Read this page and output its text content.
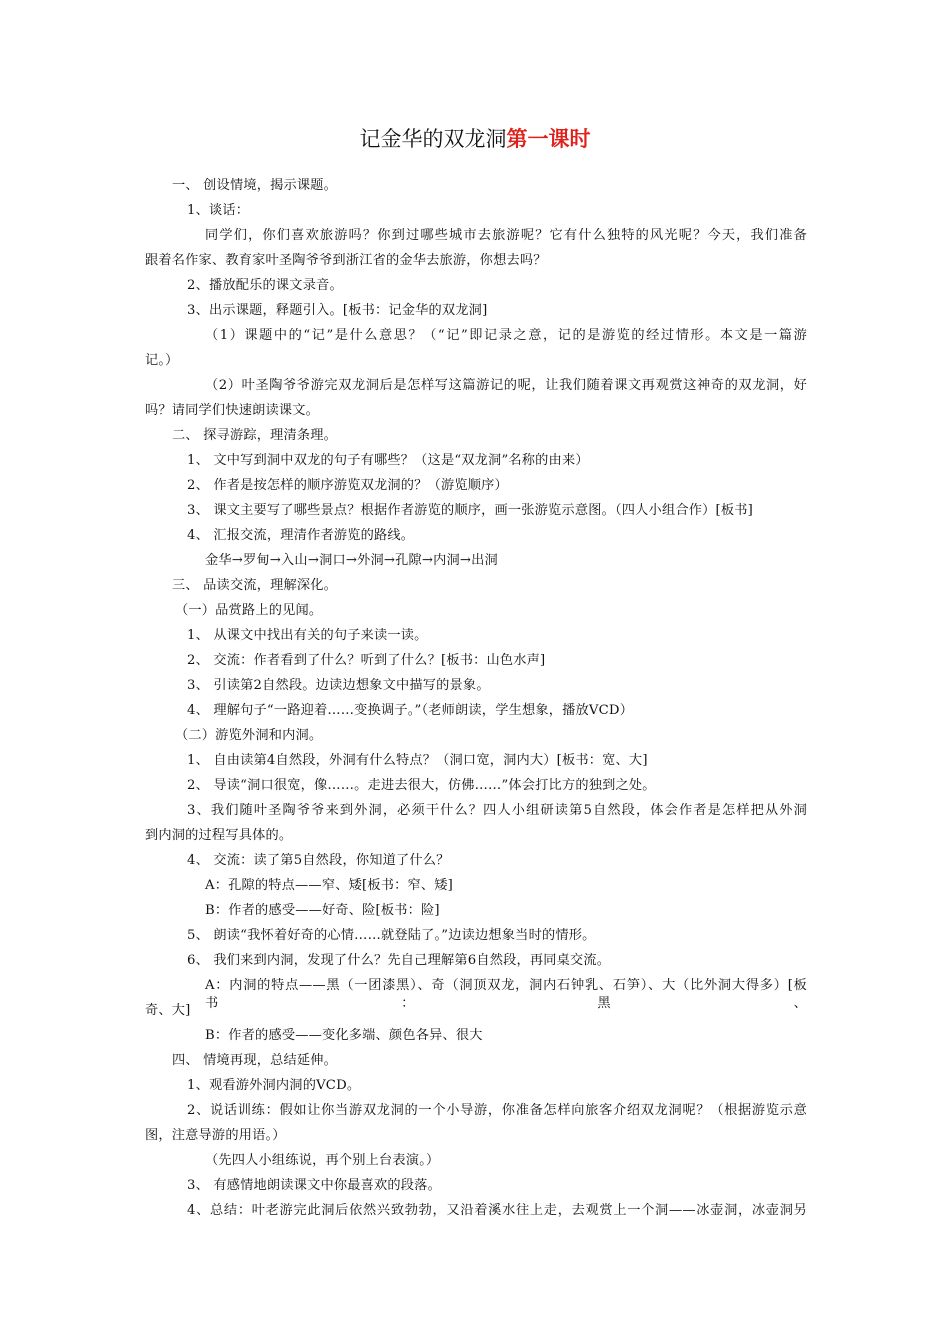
记金华的双龙洞第一课时
一、 创设情境，揭示课题。
1、谈话：
同学们，你们喜欢旅游吗？你到过哪些城市去旅游呢？它有什么独特的风光呢？今天，我们准备
跟着名作家、教育家叶圣陶爷爷到浙江省的金华去旅游，你想去吗？
2、播放配乐的课文录音。
3、出示课题，释题引入。[板书：记金华的双龙洞]
（1）课题中的“记”是什么意思？（“记”即记录之意，记的是游览的经过情形。本文是一篇游
记。）
（2）叶圣陶爷爷游完双龙洞后是怎样写这篇游记的呢，让我们随着课文再观赏这神奇的双龙洞，好
吗？请同学们快速朗读课文。
二、 探寻游踪，理清条理。
1、 文中写到洞中双龙的句子有哪些？（这是“双龙洞”名称的由来）
2、 作者是按怎样的顺序游览双龙洞的？（游览顺序）
3、 课文主要写了哪些景点？根据作者游览的顺序，画一张游览示意图。（四人小组合作）[板书]
4、 汇报交流，理清作者游览的路线。
金华→罗甸→入山→洞口→外洞→孔隙→内洞→出洞
三、 品读交流，理解深化。
（一）品赏路上的见闻。
1、 从课文中找出有关的句子来读一读。
2、 交流：作者看到了什么？听到了什么？[板书：山色水声]
3、 引读第2自然段。边读边想象文中描写的景象。
4、 理解句子“一路迎着……变换调子。”（老师朗读，学生想象，播放VCD）
（二）游览外洞和内洞。
1、 自由读第4自然段，外洞有什么特点？（洞口宽，洞内大）[板书：宽、大]
2、 导读“洞口很宽，像……。走进去很大，仿佛……”体会打比方的独到之处。
3、我们随叶圣陶爷爷来到外洞，必须干什么？四人小组研读第5自然段，体会作者是怎样把从外洞
到内洞的过程写具体的。
4、 交流：读了第5自然段，你知道了什么？
A：孔隙的特点——窄、矮[板书：窄、矮]
B：作者的感受——好奇、险[板书：险]
5、 朗读“我怀着好奇的心情……就登陆了。”边读边想象当时的情形。
6、 我们来到内洞，发现了什么？先自己理解第6自然段，再同桌交流。
A：内洞的特点——黑（一团漆黑）、奇（洞顶双龙，洞内石钟乳、石笋）、大（比外洞大得多）[板书：黑、
奇、大]
B：作者的感受——变化多端、颜色各异、很大
四、 情境再现，总结延伸。
1、观看游外洞内洞的VCD。
2、说话训练：假如让你当游双龙洞的一个小导游，你准备怎样向旅客介绍双龙洞呢？（根据游览示意
图，注意导游的用语。）
（先四人小组练说，再个别上台表演。）
3、 有感情地朗读课文中你最喜欢的段落。
4、总结：叶老游完此洞后依然兴致勃勃，又沿着溪水往上走，去观赏上一个洞——冰壶洞，冰壶洞另
